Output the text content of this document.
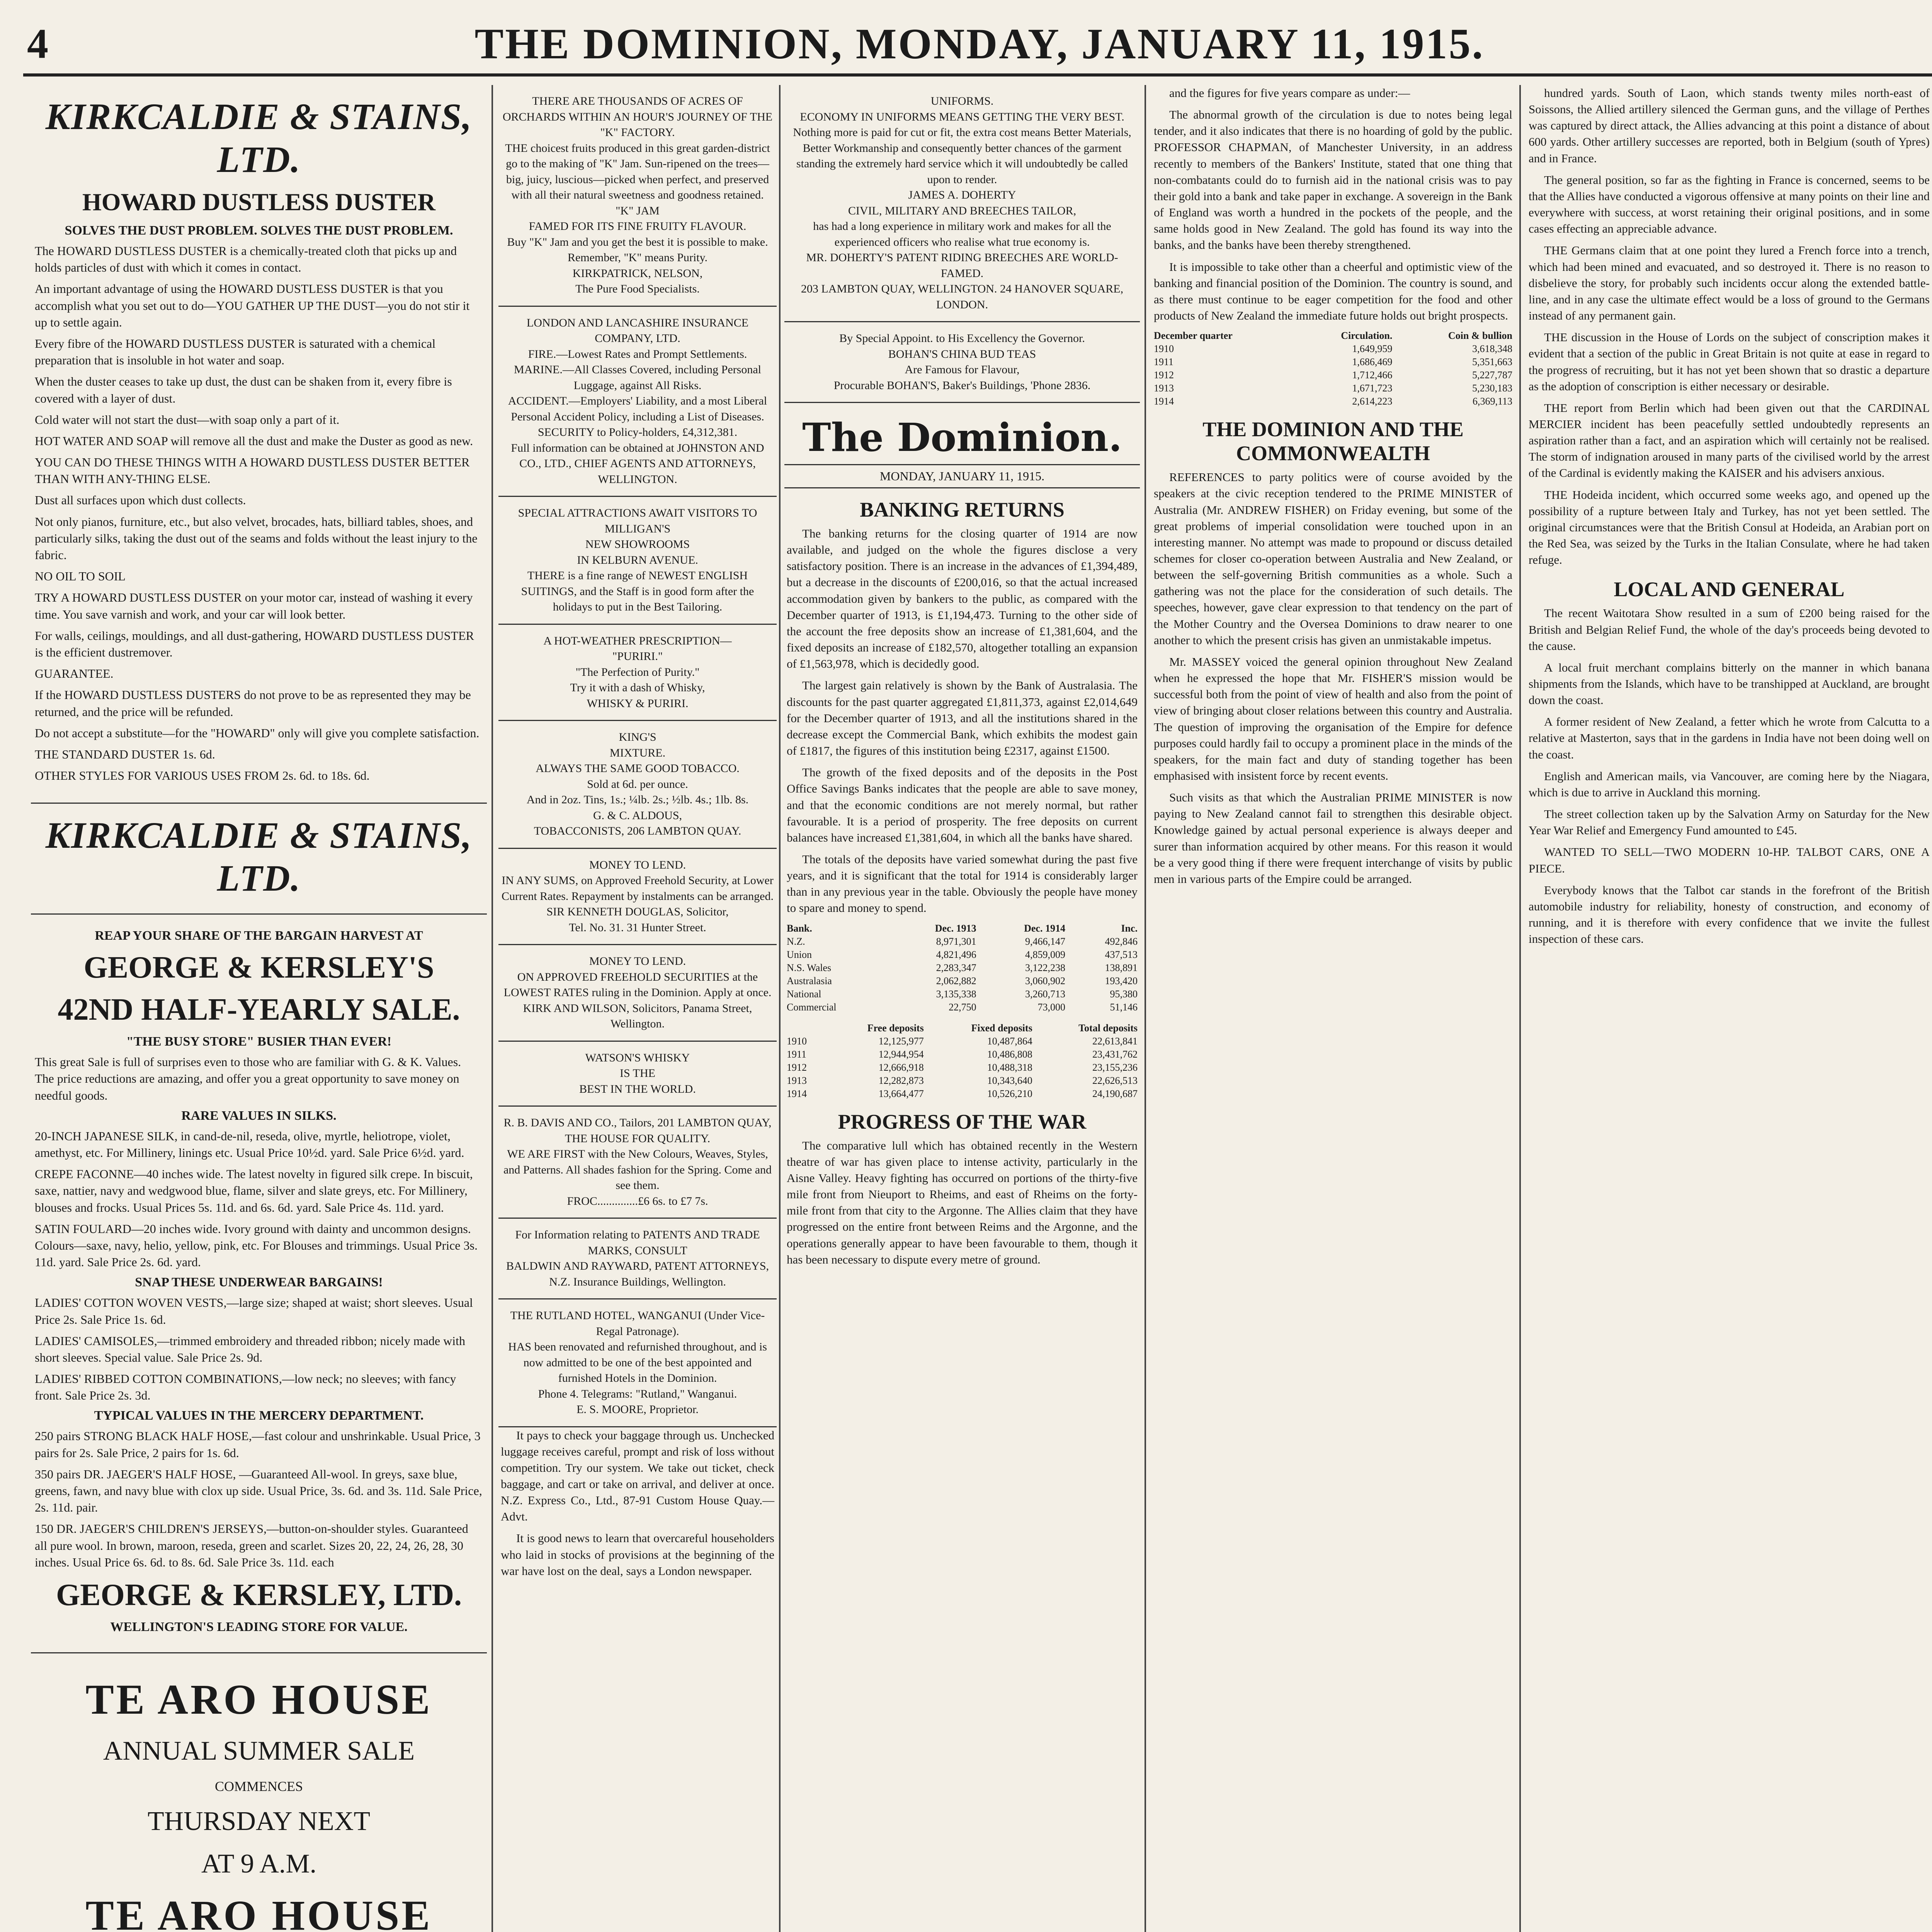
4	THE DOMINION, MONDAY, JANUARY 11, 1915.
KIRKCALDIE & STAINS, LTD.
HOWARD DUSTLESS DUSTER
SOLVES THE DUST PROBLEM. SOLVES THE DUST PROBLEM.
The HOWARD DUSTLESS DUSTER is a chemically-treated cloth that picks up and holds particles of dust with which it comes in contact.
An important advantage of using the HOWARD DUSTLESS DUSTER is that you accomplish what you set out to do—YOU GATHER UP THE DUST—you do not stir it up to settle again.
Every fibre of the HOWARD DUSTLESS DUSTER is saturated with a chemical preparation that is insoluble in hot water and soap.
When the duster ceases to take up dust, the dust can be shaken from it, every fibre is covered with a layer of dust.
Cold water will not start the dust—with soap only a part of it.
HOT WATER AND SOAP will remove all the dust and make the Duster as good as new.
YOU CAN DO THESE THINGS WITH A HOWARD DUSTLESS DUSTER BETTER THAN WITH ANY-THING ELSE.
Dust all surfaces upon which dust collects.
Not only pianos, furniture, etc., but also velvet, brocades, hats, billiard tables, shoes, and particularly silks, taking the dust out of the seams and folds without the least injury to the fabric.
NO OIL TO SOIL
TRY A HOWARD DUSTLESS DUSTER on your motor car, instead of washing it every time. You save varnish and work, and your car will look better.
For walls, ceilings, mouldings, and all dust-gathering, HOWARD DUSTLESS DUSTER is the efficient dustremover.
GUARANTEE.
If the HOWARD DUSTLESS DUSTERS do not prove to be as represented they may be returned, and the price will be refunded.
Do not accept a substitute—for the "HOWARD" only will give you complete satisfaction.
THE STANDARD DUSTER 1s. 6d.
OTHER STYLES FOR VARIOUS USES FROM 2s. 6d. to 18s. 6d.
KIRKCALDIE & STAINS, LTD.
REAP YOUR SHARE OF THE BARGAIN HARVEST AT
GEORGE & KERSLEY'S
42ND HALF-YEARLY SALE.
"THE BUSY STORE" BUSIER THAN EVER!
This great Sale is full of surprises even to those who are familiar with G. & K. Values. The price reductions are amazing, and offer you a great opportunity to save money on needful goods.
RARE VALUES IN SILKS.
20-INCH JAPANESE SILK, in cand-de-nil, reseda, olive, myrtle, heliotrope, violet, amethyst, etc. For Millinery, linings etc. Usual Price 10½d. yard. Sale Price 6½d. yard.
CREPE FACONNE—40 inches wide. The latest novelty in figured silk crepe. In biscuit, saxe, nattier, navy and wedgwood blue, flame, silver and slate greys, etc. For Millinery, blouses and frocks. Usual Prices 5s. 11d. and 6s. 6d. yard. Sale Price 4s. 11d. yard.
SATIN FOULARD—20 inches wide. Ivory ground with dainty and uncommon designs. Colours—saxe, navy, helio, yellow, pink, etc. For Blouses and trimmings. Usual Price 3s. 11d. yard. Sale Price 2s. 6d. yard.
SNAP THESE UNDERWEAR BARGAINS!
LADIES' COTTON WOVEN VESTS,—large size; shaped at waist; short sleeves. Usual Price 2s. Sale Price 1s. 6d.
LADIES' CAMISOLES,—trimmed embroidery and threaded ribbon; nicely made with short sleeves. Special value. Sale Price 2s. 9d.
LADIES' RIBBED COTTON COMBINATIONS,—low neck; no sleeves; with fancy front. Sale Price 2s. 3d.
TYPICAL VALUES IN THE MERCERY DEPARTMENT.
250 pairs STRONG BLACK HALF HOSE,—fast colour and unshrinkable. Usual Price, 3 pairs for 2s. Sale Price, 2 pairs for 1s. 6d.
350 pairs DR. JAEGER'S HALF HOSE, —Guaranteed All-wool. In greys, saxe blue, greens, fawn, and navy blue with clox up side. Usual Price, 3s. 6d. and 3s. 11d. Sale Price, 2s. 11d. pair.
150 DR. JAEGER'S CHILDREN'S JERSEYS,—button-on-shoulder styles. Guaranteed all pure wool. In brown, maroon, reseda, green and scarlet. Sizes 20, 22, 24, 26, 28, 30 inches. Usual Price 6s. 6d. to 8s. 6d. Sale Price 3s. 11d. each
GEORGE & KERSLEY, LTD.
WELLINGTON'S LEADING STORE FOR VALUE.
TE ARO HOUSE
ANNUAL SUMMER SALE
COMMENCES
THURSDAY NEXT
AT 9 A.M.
TE ARO HOUSE
THERE ARE THOUSANDS OF ACRES OF ORCHARDS WITHIN AN HOUR'S JOURNEY OF THE "K" FACTORY.
THE choicest fruits produced in this great garden-district go to the making of "K" Jam. Sun-ripened on the trees—big, juicy, luscious—picked when perfect, and preserved with all their natural sweetness and goodness retained.
"K" JAM
FAMED FOR ITS FINE FRUITY FLAVOUR.
Buy "K" Jam and you get the best it is possible to make. Remember, "K" means Purity.
KIRKPATRICK, NELSON,
The Pure Food Specialists.
LONDON AND LANCASHIRE INSURANCE COMPANY, LTD.
FIRE.—Lowest Rates and Prompt Settlements.
MARINE.—All Classes Covered, including Personal Luggage, against All Risks.
ACCIDENT.—Employers' Liability, and a most Liberal Personal Accident Policy, including a List of Diseases.
SECURITY to Policy-holders, £4,312,381.
Full information can be obtained at JOHNSTON AND CO., LTD., CHIEF AGENTS AND ATTORNEYS, WELLINGTON.
SPECIAL ATTRACTIONS AWAIT VISITORS TO
MILLIGAN'S
NEW SHOWROOMS
IN KELBURN AVENUE.
THERE is a fine range of NEWEST ENGLISH SUITINGS, and the Staff is in good form after the holidays to put in the Best Tailoring.
A HOT-WEATHER PRESCRIPTION—
"PURIRI."
"The Perfection of Purity."
Try it with a dash of Whisky,
WHISKY & PURIRI.
KING'S
MIXTURE.
ALWAYS THE SAME GOOD TOBACCO.
Sold at 6d. per ounce.
And in 2oz. Tins, 1s.; ¼lb. 2s.; ½lb. 4s.; 1lb. 8s.
G. & C. ALDOUS,
TOBACCONISTS, 206 LAMBTON QUAY.
MONEY TO LEND.
IN ANY SUMS, on Approved Freehold Security, at Lower Current Rates. Repayment by instalments can be arranged.
SIR KENNETH DOUGLAS, Solicitor,
Tel. No. 31. 31 Hunter Street.
MONEY TO LEND.
ON APPROVED FREEHOLD SECURITIES at the LOWEST RATES ruling in the Dominion. Apply at once.
KIRK AND WILSON, Solicitors, Panama Street, Wellington.
WATSON'S WHISKY
IS THE
BEST IN THE WORLD.
R. B. DAVIS AND CO., Tailors, 201 LAMBTON QUAY, THE HOUSE FOR QUALITY.
WE ARE FIRST with the New Colours, Weaves, Styles, and Patterns. All shades fashion for the Spring. Come and see them.
FROC..............£6 6s. to £7 7s.
For Information relating to PATENTS AND TRADE MARKS, CONSULT
BALDWIN AND RAYWARD, PATENT ATTORNEYS,
N.Z. Insurance Buildings, Wellington.
THE RUTLAND HOTEL, WANGANUI (Under Vice-Regal Patronage).
HAS been renovated and refurnished throughout, and is now admitted to be one of the best appointed and furnished Hotels in the Dominion.
Phone 4. Telegrams: "Rutland," Wanganui.
E. S. MOORE, Proprietor.
It pays to check your baggage through us. Unchecked luggage receives careful, prompt and risk of loss without competition. Try our system. We take out ticket, check baggage, and cart or take on arrival, and deliver at once. N.Z. Express Co., Ltd., 87-91 Custom House Quay.—Advt.
It is good news to learn that overcareful householders who laid in stocks of provisions at the beginning of the war have lost on the deal, says a London newspaper.
UNIFORMS.
ECONOMY IN UNIFORMS MEANS GETTING THE VERY BEST.
Nothing more is paid for cut or fit, the extra cost means Better Materials, Better Workmanship and consequently better chances of the garment standing the extremely hard service which it will undoubtedly be called upon to render.
JAMES A. DOHERTY
CIVIL, MILITARY AND BREECHES TAILOR,
has had a long experience in military work and makes for all the experienced officers who realise what true economy is.
MR. DOHERTY'S PATENT RIDING BREECHES ARE WORLD-FAMED.
203 LAMBTON QUAY, WELLINGTON. 24 HANOVER SQUARE, LONDON.
By Special Appoint. to His Excellency the Governor.
BOHAN'S CHINA BUD TEAS
Are Famous for Flavour,
Procurable BOHAN'S, Baker's Buildings, 'Phone 2836.
The Dominion.
MONDAY, JANUARY 11, 1915.
BANKING RETURNS
The banking returns for the closing quarter of 1914 are now available, and judged on the whole the figures disclose a very satisfactory position. There is an increase in the advances of £1,394,489, but a decrease in the discounts of £200,016, so that the actual increased accommodation given by bankers to the public, as compared with the December quarter of 1913, is £1,194,473. Turning to the other side of the account the free deposits show an increase of £1,381,604, and the fixed deposits an increase of £182,570, altogether totalling an expansion of £1,563,978, which is decidedly good.
The largest gain relatively is shown by the Bank of Australasia. The discounts for the past quarter aggregated £1,811,373, against £2,014,649 for the December quarter of 1913, and all the institutions shared in the decrease except the Commercial Bank, which exhibits the modest gain of £1817, the figures of this institution being £2317, against £1500.
The growth of the fixed deposits and of the deposits in the Post Office Savings Banks indicates that the people are able to save money, and that the economic conditions are not merely normal, but rather favourable. It is a period of prosperity. The free deposits on current balances have increased £1,381,604, in which all the banks have shared.
The totals of the deposits have varied somewhat during the past five years, and it is significant that the total for 1914 is considerably larger than in any previous year in the table. Obviously the people have money to spare and money to spend.
Bank.	Dec. 1913	Dec. 1914	Inc.
N.Z.	8,971,301	9,466,147	492,846
Union	4,821,496	4,859,009	437,513
N.S. Wales	2,283,347	3,122,238	138,891
Australasia	2,062,882	3,060,902	193,420
National	3,135,338	3,260,713	95,380
Commercial	22,750	73,000	51,146
	Free deposits	Fixed deposits	Total deposits
1910	12,125,977	10,487,864	22,613,841
1911	12,944,954	10,486,808	23,431,762
1912	12,666,918	10,488,318	23,155,236
1913	12,282,873	10,343,640	22,626,513
1914	13,664,477	10,526,210	24,190,687
PROGRESS OF THE WAR
The comparative lull which has obtained recently in the Western theatre of war has given place to intense activity, particularly in the Aisne Valley. Heavy fighting has occurred on portions of the thirty-five mile front from Nieuport to Rheims, and east of Rheims on the forty-mile front from that city to the Argonne. The Allies claim that they have progressed on the entire front between Reims and the Argonne, and the operations generally appear to have been favourable to them, though it has been necessary to dispute every metre of ground.
and the figures for five years compare as under:—
The abnormal growth of the circulation is due to notes being legal tender, and it also indicates that there is no hoarding of gold by the public. PROFESSOR CHAPMAN, of Manchester University, in an address recently to members of the Bankers' Institute, stated that one thing that non-combatants could do to furnish aid in the national crisis was to pay their gold into a bank and take paper in exchange. A sovereign in the Bank of England was worth a hundred in the pockets of the people, and the same holds good in New Zealand. The gold has found its way into the banks, and the banks have been thereby strengthened.
It is impossible to take other than a cheerful and optimistic view of the banking and financial position of the Dominion. The country is sound, and as there must continue to be eager competition for the food and other products of New Zealand the immediate future holds out bright prospects.
December quarter	Circulation.	Coin & bullion
1910	1,649,959	3,618,348
1911	1,686,469	5,351,663
1912	1,712,466	5,227,787
1913	1,671,723	5,230,183
1914	2,614,223	6,369,113
THE DOMINION AND THE COMMONWEALTH
REFERENCES to party politics were of course avoided by the speakers at the civic reception tendered to the PRIME MINISTER of Australia (Mr. ANDREW FISHER) on Friday evening, but some of the great problems of imperial consolidation were touched upon in an interesting manner. No attempt was made to propound or discuss detailed schemes for closer co-operation between Australia and New Zealand, or between the self-governing British communities as a whole. Such a gathering was not the place for the consideration of such details. The speeches, however, gave clear expression to that tendency on the part of the Mother Country and the Oversea Dominions to draw nearer to one another to which the present crisis has given an unmistakable impetus.
Mr. MASSEY voiced the general opinion throughout New Zealand when he expressed the hope that Mr. FISHER'S mission would be successful both from the point of view of health and also from the point of view of bringing about closer relations between this country and Australia. The question of improving the organisation of the Empire for defence purposes could hardly fail to occupy a prominent place in the minds of the speakers, for the main fact and duty of standing together has been emphasised with insistent force by recent events.
Such visits as that which the Australian PRIME MINISTER is now paying to New Zealand cannot fail to strengthen this desirable object. Knowledge gained by actual personal experience is always deeper and surer than information acquired by other means. For this reason it would be a very good thing if there were frequent interchange of visits by public men in various parts of the Empire could be arranged.
hundred yards. South of Laon, which stands twenty miles north-east of Soissons, the Allied artillery silenced the German guns, and the village of Perthes was captured by direct attack, the Allies advancing at this point a distance of about 600 yards. Other artillery successes are reported, both in Belgium (south of Ypres) and in France.
The general position, so far as the fighting in France is concerned, seems to be that the Allies have conducted a vigorous offensive at many points on their line and everywhere with success, at worst retaining their original positions, and in some cases effecting an appreciable advance.
THE Germans claim that at one point they lured a French force into a trench, which had been mined and evacuated, and so destroyed it. There is no reason to disbelieve the story, for probably such incidents occur along the extended battle-line, and in any case the ultimate effect would be a loss of ground to the Germans instead of any permanent gain.
THE discussion in the House of Lords on the subject of conscription makes it evident that a section of the public in Great Britain is not quite at ease in regard to the progress of recruiting, but it has not yet been shown that so drastic a departure as the adoption of conscription is either necessary or desirable.
THE report from Berlin which had been given out that the CARDINAL MERCIER incident has been peacefully settled undoubtedly represents an aspiration rather than a fact, and an aspiration which will certainly not be realised. The storm of indignation aroused in many parts of the civilised world by the arrest of the Cardinal is evidently making the KAISER and his advisers anxious.
THE Hodeida incident, which occurred some weeks ago, and opened up the possibility of a rupture between Italy and Turkey, has not yet been settled. The original circumstances were that the British Consul at Hodeida, an Arabian port on the Red Sea, was seized by the Turks in the Italian Consulate, where he had taken refuge.
LOCAL AND GENERAL
The recent Waitotara Show resulted in a sum of £200 being raised for the British and Belgian Relief Fund, the whole of the day's proceeds being devoted to the cause.
A local fruit merchant complains bitterly on the manner in which banana shipments from the Islands, which have to be transhipped at Auckland, are brought down the coast.
A former resident of New Zealand, a fetter which he wrote from Calcutta to a relative at Masterton, says that in the gardens in India have not been doing well on the coast.
English and American mails, via Vancouver, are coming here by the Niagara, which is due to arrive in Auckland this morning.
The street collection taken up by the Salvation Army on Saturday for the New Year War Relief and Emergency Fund amounted to £45.
WANTED TO SELL—TWO MODERN 10-HP. TALBOT CARS, ONE A PIECE.
Everybody knows that the Talbot car stands in the forefront of the British automobile industry for reliability, honesty of construction, and economy of running, and it is therefore with every confidence that we invite the fullest inspection of these cars.
